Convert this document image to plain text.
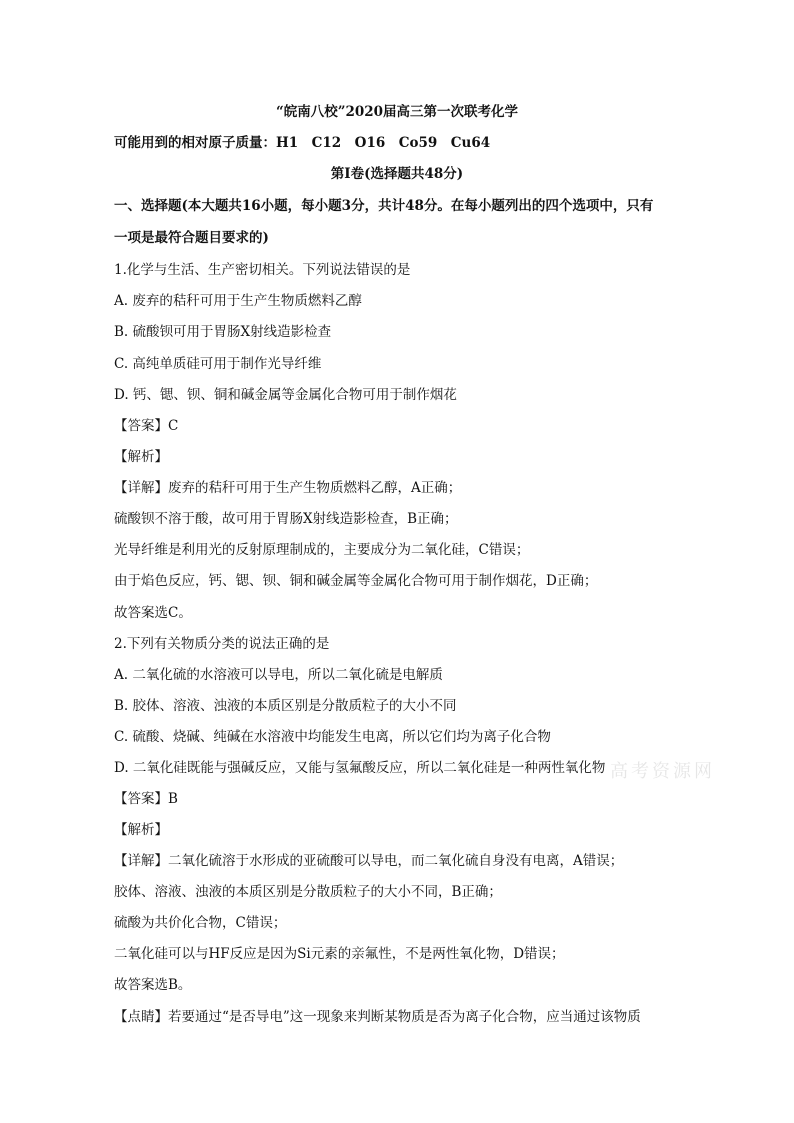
“皖南八校”2020届高三第一次联考化学
可能用到的相对原子质量：H1　C12　O16　Co59　Cu64
第I卷(选择题共48分)
一、选择题(本大题共16小题，每小题3分，共计48分。在每小题列出的四个选项中，只有
一项是最符合题目要求的)
1.化学与生活、生产密切相关。下列说法错误的是
A. 废弃的秸秆可用于生产生物质燃料乙醇
B. 硫酸钡可用于胃肠X射线造影检查
C. 高纯单质硅可用于制作光导纤维
D. 钙、锶、钡、铜和碱金属等金属化合物可用于制作烟花
【答案】C
【解析】
【详解】废弃的秸秆可用于生产生物质燃料乙醇，A正确；
硫酸钡不溶于酸，故可用于胃肠X射线造影检查，B正确；
光导纤维是利用光的反射原理制成的，主要成分为二氧化硅，C错误；
由于焰色反应，钙、锶、钡、铜和碱金属等金属化合物可用于制作烟花，D正确；
故答案选C。
2.下列有关物质分类的说法正确的是
A. 二氧化硫的水溶液可以导电，所以二氧化硫是电解质
B. 胶体、溶液、浊液的本质区别是分散质粒子的大小不同
C. 硫酸、烧碱、纯碱在水溶液中均能发生电离，所以它们均为离子化合物
D. 二氧化硅既能与强碱反应，又能与氢氟酸反应，所以二氧化硅是一种两性氧化物
【答案】B
【解析】
【详解】二氧化硫溶于水形成的亚硫酸可以导电，而二氧化硫自身没有电离，A错误；
胶体、溶液、浊液的本质区别是分散质粒子的大小不同，B正确；
硫酸为共价化合物，C错误；
二氧化硅可以与HF反应是因为Si元素的亲氟性，不是两性氧化物，D错误；
故答案选B。
【点睛】若要通过“是否导电”这一现象来判断某物质是否为离子化合物，应当通过该物质
高考资源网
